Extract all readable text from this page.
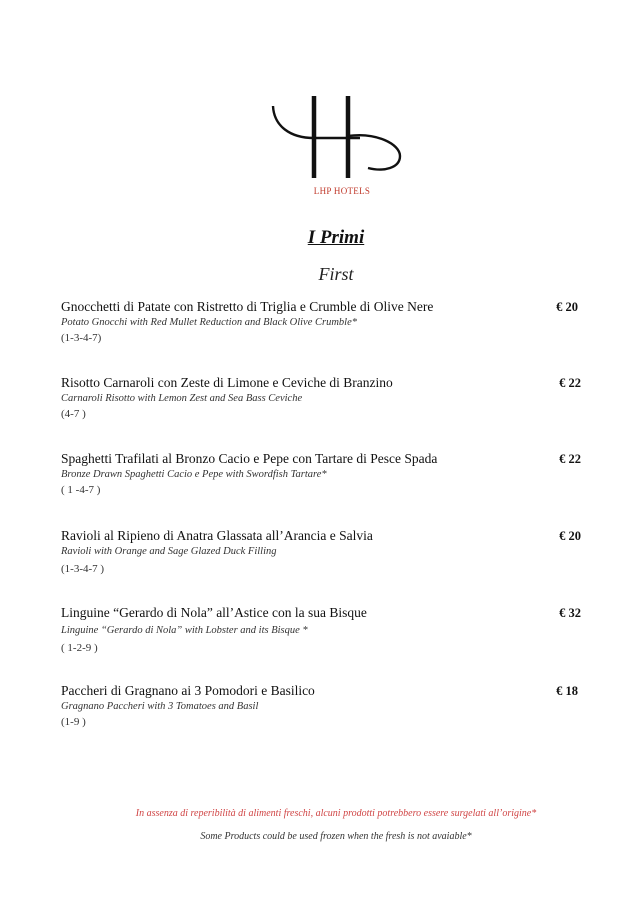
LHP HOTELS
I Primi
First
Gnocchetti di Patate con Ristretto di Triglia e Crumble di Olive Nere
Potato Gnocchi with Red Mullet Reduction and Black Olive Crumble*
(1-3-4-7)
€ 20
Risotto Carnaroli con Zeste di Limone e Ceviche di Branzino
Carnaroli Risotto with Lemon Zest and Sea Bass Ceviche
(4-7 )
€ 22
Spaghetti Trafilati al Bronzo Cacio e Pepe con Tartare di Pesce Spada
Bronze Drawn Spaghetti Cacio e Pepe with Swordfish Tartare*
( 1 -4-7 )
€ 22
Ravioli al Ripieno di Anatra Glassata all’Arancia e Salvia
Ravioli with Orange and Sage Glazed Duck Filling
(1-3-4-7 )
€ 20
Linguine “Gerardo di Nola” all’Astice con la sua Bisque
Linguine “Gerardo di Nola” with Lobster and its Bisque *
( 1-2-9 )
€ 32
Paccheri di Gragnano ai 3 Pomodori e Basilico
Gragnano Paccheri with 3 Tomatoes and Basil
(1-9 )
€ 18
In assenza di reperibilità di alimenti freschi, alcuni prodotti potrebbero essere surgelati all’origine*
Some Products could be used frozen when the fresh is not avaiable*
